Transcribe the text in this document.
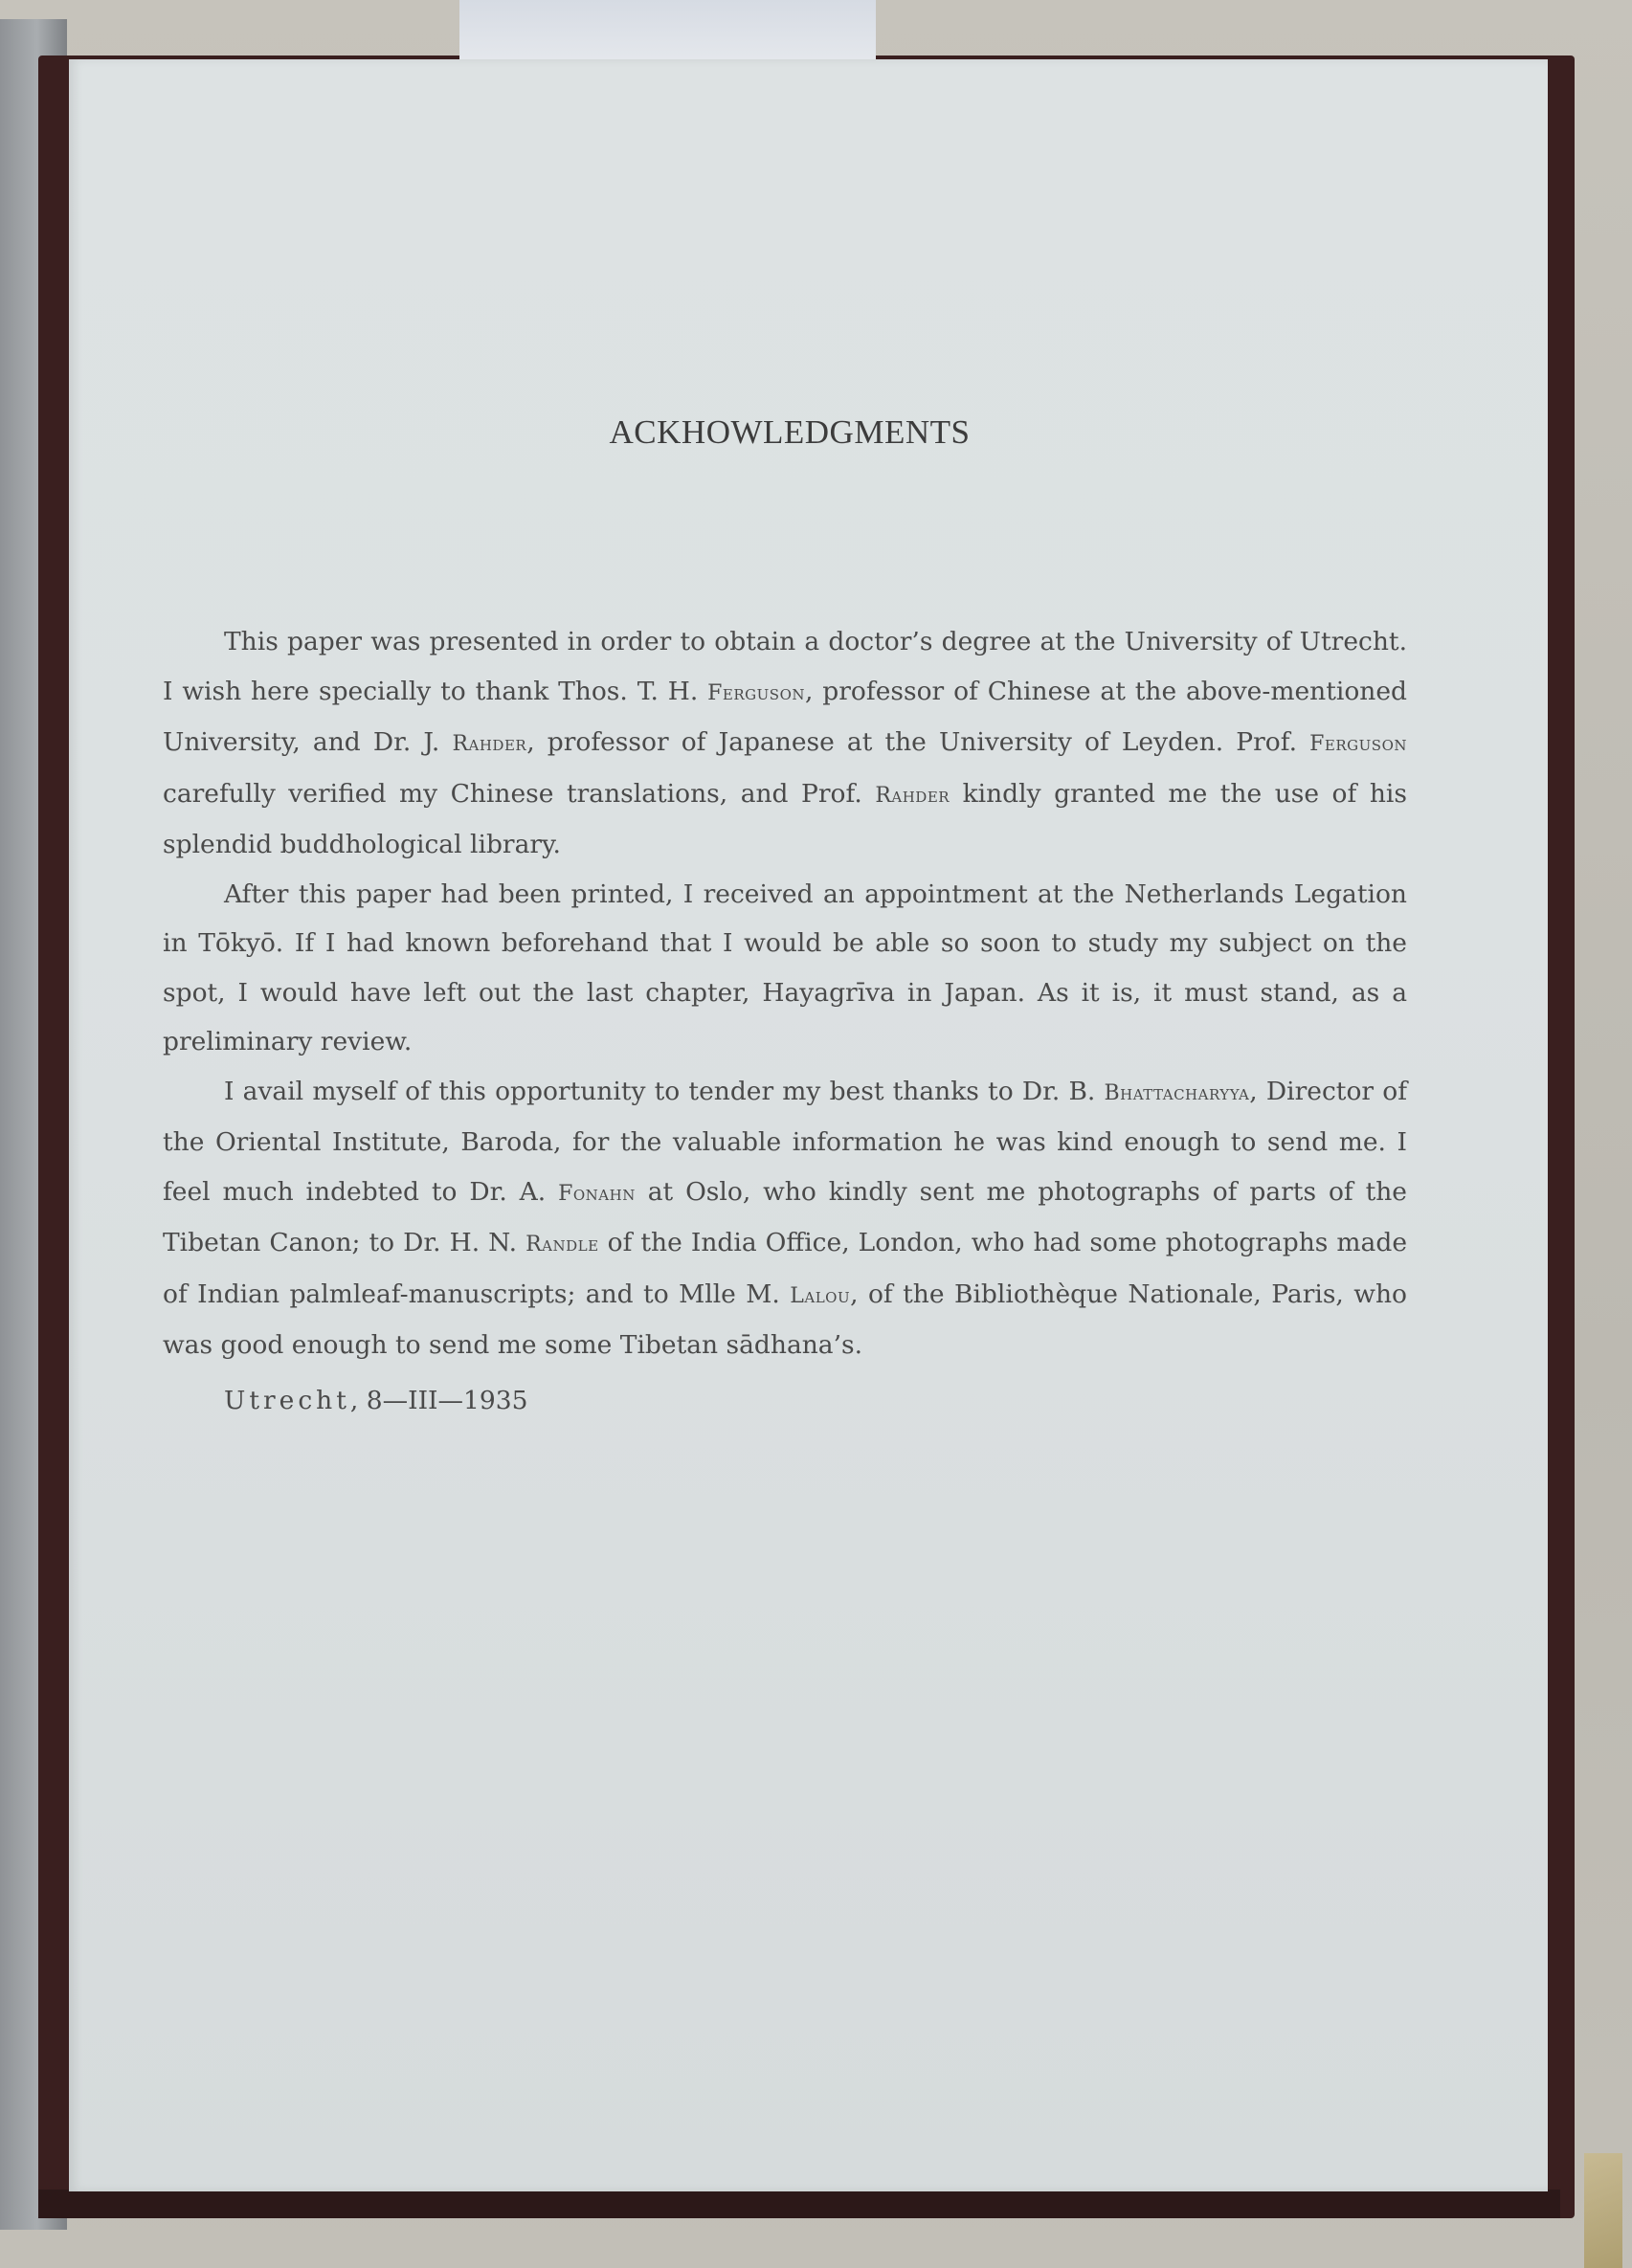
ACKHOWLEDGMENTS

This paper was presented in order to obtain a doctor’s degree at the University of Utrecht. I wish here specially to thank Thos. T. H. Ferguson, professor of Chinese at the above-mentioned University, and Dr. J. Rahder, professor of Japanese at the University of Leyden. Prof. Ferguson carefully verified my Chinese translations, and Prof. Rahder kindly granted me the use of his splendid buddhological library.

After this paper had been printed, I received an appointment at the Netherlands Legation in Tōkyō. If I had known beforehand that I would be able so soon to study my subject on the spot, I would have left out the last chapter, Hayagrīva in Japan. As it is, it must stand, as a preliminary review.

I avail myself of this opportunity to tender my best thanks to Dr. B. Bhattacharyya, Director of the Oriental Institute, Baroda, for the valuable information he was kind enough to send me. I feel much indebted to Dr. A. Fonahn at Oslo, who kindly sent me photographs of parts of the Tibetan Canon; to Dr. H. N. Randle of the India Office, London, who had some photographs made of Indian palmleaf-manuscripts; and to Mlle M. Lalou, of the Bibliothèque Nationale, Paris, who was good enough to send me some Tibetan sādhana’s.

Utrecht, 8—III—1935
